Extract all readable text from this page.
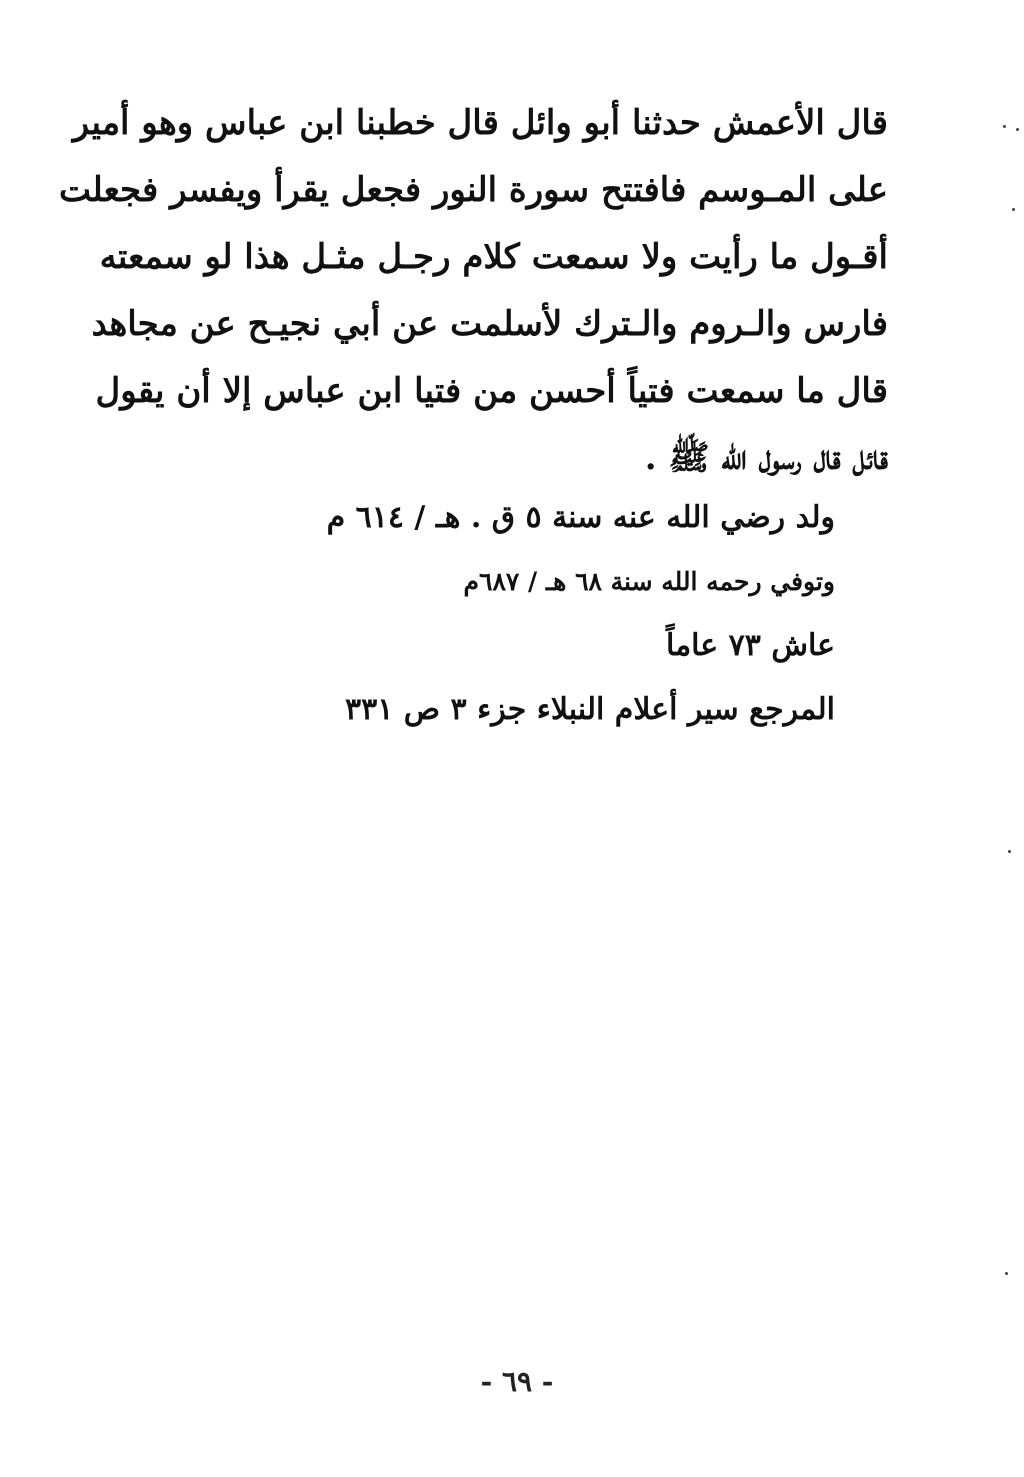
قال الأعمش حدثنا أبو وائل قال خطبنا ابن عباس وهو أمير
على المـوسم فافتتح سورة النور فجعل يقرأ ويفسر فجعلت
أقـول ما رأيت ولا سمعت كلام رجـل مثـل هذا لو سمعته
فارس والـروم والـترك لأسلمت عن أبي نجيـح عن مجاهد
قال ما سمعت فتياً أحسن من فتيا ابن عباس إلا أن يقول
قائل قال رسول الله ﷺ .
ولد رضي الله عنه سنة ٥ ق . هـ / ٦١٤ م
وتوفي رحمه الله سنة ٦٨ هـ / ٦٨٧م
عاش ٧٣ عاماً
المرجع سير أعلام النبلاء جزء ٣ ص ٣٣١
- ٦٩ -
